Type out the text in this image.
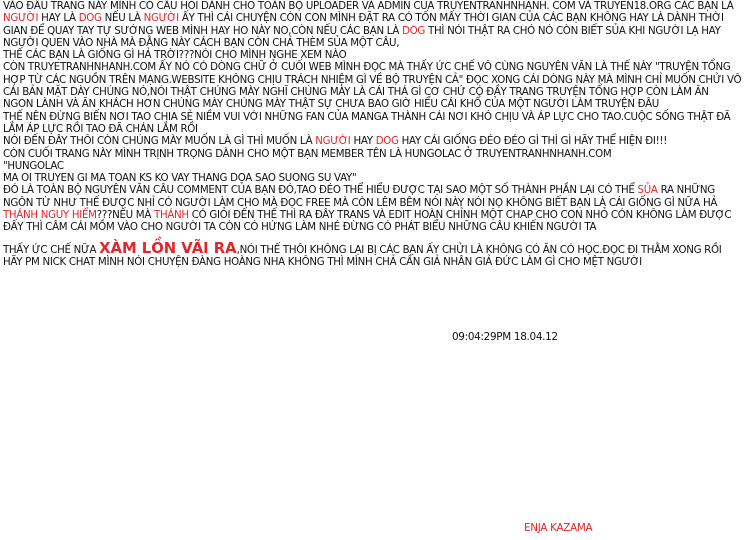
VÀO ĐẦU TRANG NÀY MÌNH CÓ CÂU HỎI DÀNH CHO TOÀN BỘ UPLOADER VÀ ADMIN CỦA TRUYENTRANHNHANH. COM VÀ TRUYEN18.ORG CÁC BẠN LÀ NGƯỜI HAY LÀ DOG NẾU LÀ NGƯỜI ẤY THÌ CÁI CHUYỆN CÒN CON MÌNH ĐẶT RA CÓ TỐN MẤY THỜI GIAN CỦA CÁC BẠN KHÔNG HAY LÀ DÀNH THỜI GIAN ĐỂ QUAY TAY TỰ SƯỚNG WEB MÌNH HAY HO NÀY NO,CÒN NẾU CÁC BẠN LÀ DOG THÌ NÓI THẬT RA CHÓ NÓ CÒN BIẾT SỦA KHI NGƯỜI LẠ HAY NGƯỜI QUEN VÀO NHÀ MÀ ĐẰNG NÀY CÁCH BẠN CÒN CHẢ THÈM SỦA MỘT CÂU,

THẾ CÁC BẠN LÀ GIỐNG GÌ HẢ TRỜI???NÓI CHO MÌNH NGHE XEM NÀO

CÒN TRUYETRANHNHANH.COM ẤY NÓ CÓ DÒNG CHỮ Ở CUỐI WEB MÌNH ĐỌC MÀ THẤY ỨC CHẾ VÔ CÙNG NGUYÊN VĂN LÀ THẾ NÀY "TRUYỆN TỔNG HỢP TỪ CÁC NGUỒN TRÊN MẠNG.WEBSITE KHÔNG CHỊU TRÁCH NHIỆM GÌ VỀ BỘ TRUYỆN CẢ" ĐỌC XONG CÁI DÒNG NÀY MÀ MÌNH CHỈ MUỐN CHỬI VÔ CÁI BẢN MẶT DÀY CHÚNG NÓ,NÓI THẬT CHÚNG MÀY NGHĨ CHÚNG MÀY LÀ CÁI THÁ GÌ CƠ CHỨ CÓ ĐẦY TRANG TRUYỆN TỔNG HỢP CÒN LÀM ĂN NGON LÀNH VÀ ĂN KHÁCH HƠN CHÚNG MÀY CHÚNG MÀY THẬT SỰ CHƯA BAO GIỜ HIỂU CÁI KHỔ CỦA MỘT NGƯỜI LÀM TRUYỆN ĐÂU

THẾ NÊN ĐỪNG BIẾN NƠI TAO CHIA SẺ NIỀM VUI VỚI NHỮNG FAN CỦA MANGA THÀNH CÁI NƠI KHÓ CHỊU VÀ ÁP LỰC CHO TAO.CUỘC SỐNG THẬT ĐÃ LẮM ÁP LỰC RỒI TAO ĐÃ CHÁN LẮM RỒI

NÓI ĐẾN ĐÂY THÔI CÒN CHÚNG MÀY MUỐN LÀ GÌ THÌ MUỐN LÀ NGƯỜI HAY DOG HAY CÁI GIỐNG ĐÉO ĐÉO GÌ THÌ GÌ HÃY THỂ HIỆN ĐI!!!

CÒN CUỐI TRANG NÀY MÌNH TRỊNH TRỌNG DÀNH CHO MỘT BẠN MEMBER TÊN LÀ HUNGOLAC Ở TRUYENTRANHNHANH.COM

"HUNGOLAC

MA OI TRUYEN GI MA TOAN KS KO VAY THANG DOA SAO SUONG SU VAY"

ĐÓ LÀ TOÀN BỘ NGUYÊN VĂN CÂU COMMENT CỦA BẠN ĐÓ,TAO ĐÉO THỂ HIỂU ĐƯỢC TẠI SAO MỘT SỐ THÀNH PHẦN LẠI CÓ THỂ SỦA RA NHỮNG NGÔN TỪ NHƯ THẾ ĐƯỢC NHỈ CÓ NGƯỜI LÀM CHO MÀ ĐỌC FREE MÀ CÒN LÊM BÊM NÓI NÀY NÓI NỌ KHÔNG BIẾT BẠN LÀ CÁI GIỐNG GÌ NỮA HẢ THÁNH NGUY HIỂM???NẾU MÀ THÁNH CÓ GIỎI ĐẾN THẾ THÌ RA ĐÂY TRANS VÀ EDIT HOÀN CHỈNH MỘT CHAP CHO CON NHỎ CÓN KHÔNG LÀM ĐƯỢC ĐẤY THÌ CÂM CÁI MỒM VÀO CHO NGƯỜI TA CÒN CÓ HỨNG LÀM NHÉ ĐỪNG CÓ PHÁT BIỂU NHỮNG CÂU KHIẾN NGƯỜI TA

THẤY ỨC CHẾ NỮA XÀM LỒN VÃI RA,NÓI THẾ THÔI KHÔNG LẠI BỊ CÁC BẠN ẤY CHỬI LÀ KHÔNG CÓ ĂN CÓ HỌC.ĐỌC ĐI THẰM XONG RỒI HÃY PM NICK CHAT MÌNH NÓI CHUYỆN ĐÀNG HOÀNG NHA KHÔNG THÌ MÌNH CHẢ CẦN GIẢ NHÂN GIẢ ĐỨC LÀM GÌ CHO MỆT NGƯỜI

09:04:29PM 18.04.12
ENJA KAZAMA
